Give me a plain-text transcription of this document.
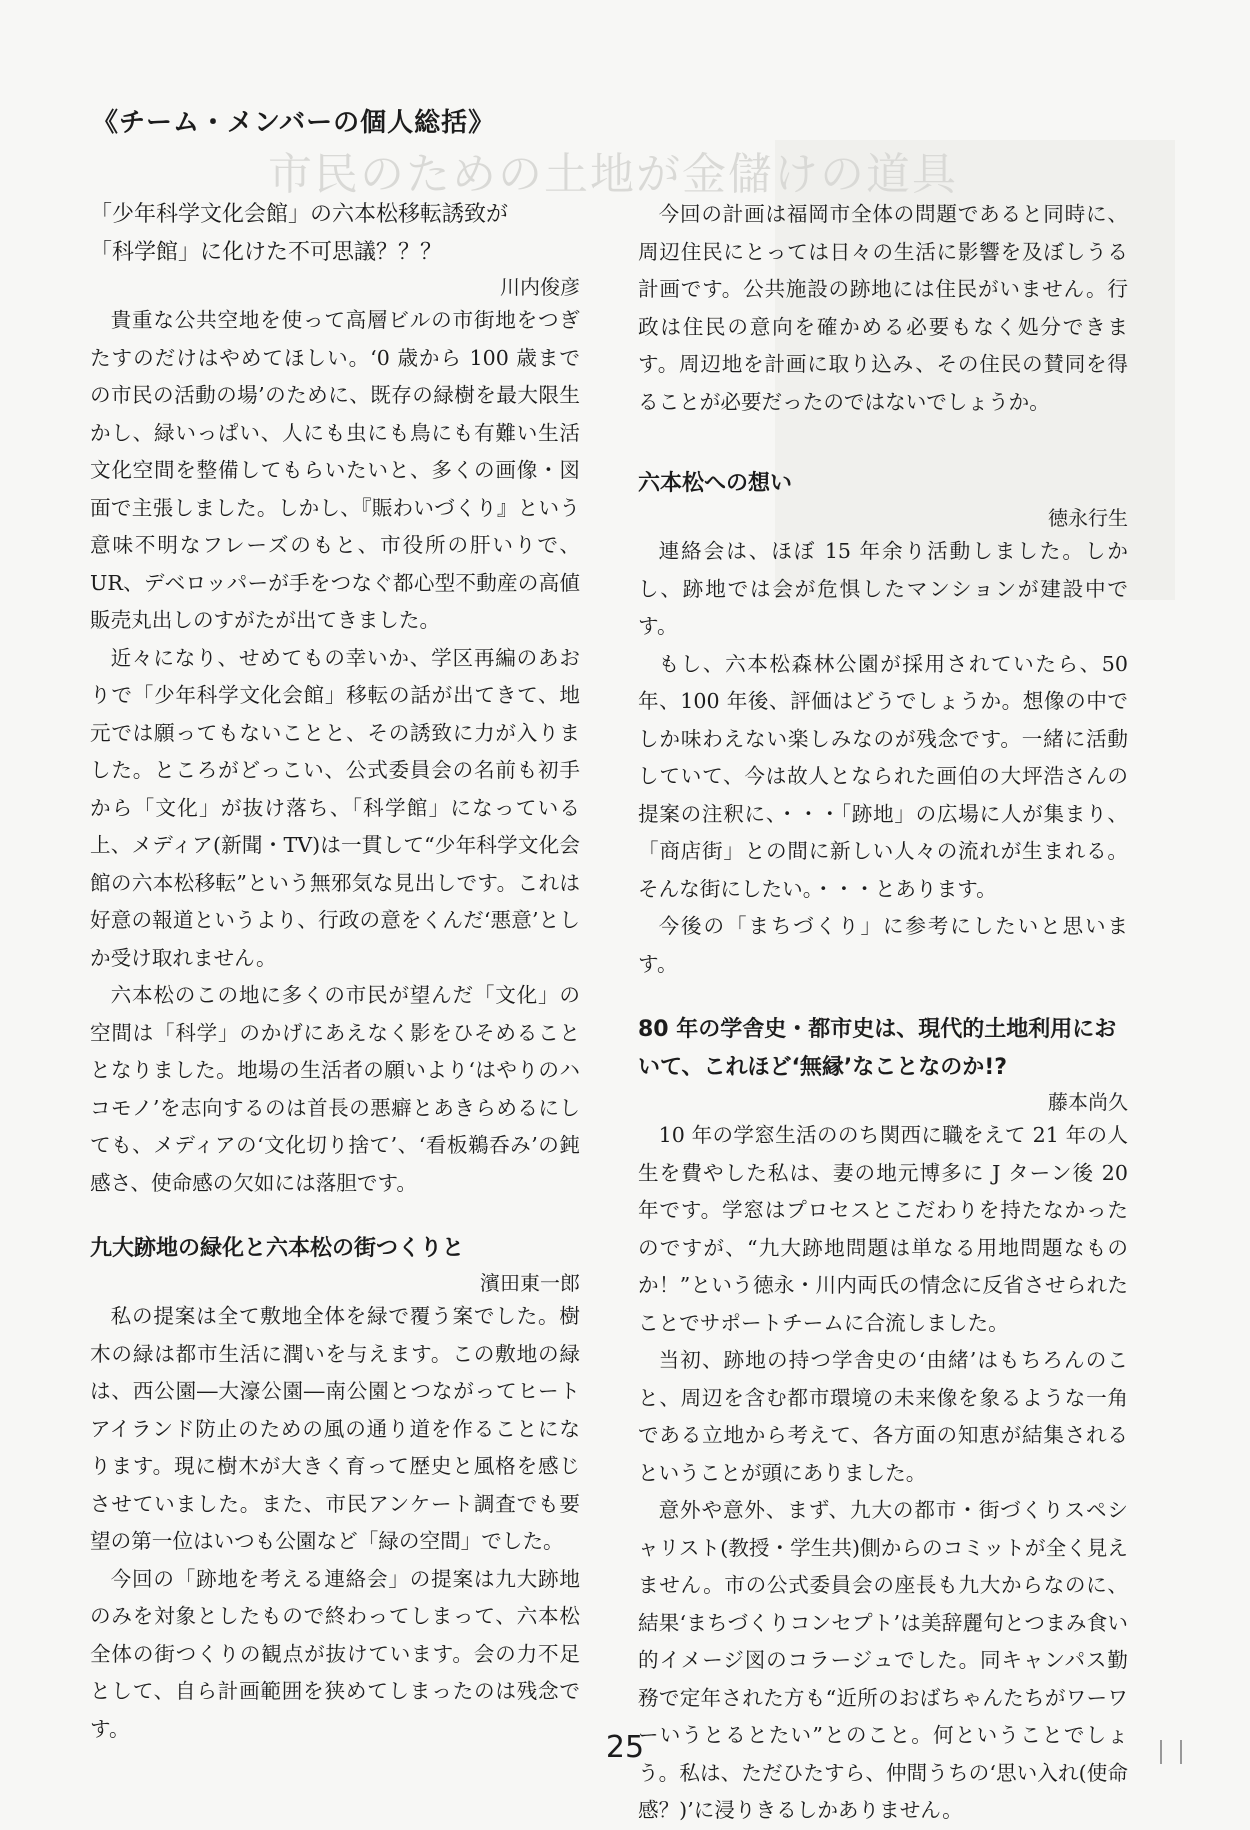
市民のための土地が金儲けの道具
《チーム・メンバーの個人総括》

「少年科学文化会館」の六本松移転誘致が

「科学館」に化けた不可思議？？？

川内俊彦

貴重な公共空地を使って高層ビルの市街地をつぎたすのだけはやめてほしい。‘0 歳から 100 歳までの市民の活動の場’のために、既存の緑樹を最大限生かし、緑いっぱい、人にも虫にも鳥にも有難い生活文化空間を整備してもらいたいと、多くの画像・図面で主張しました。しかし、『賑わいづくり』という意味不明なフレーズのもと、市役所の肝いりで、UR、デベロッパーが手をつなぐ都心型不動産の高値販売丸出しのすがたが出てきました。

近々になり、せめてもの幸いか、学区再編のあおりで「少年科学文化会館」移転の話が出てきて、地元では願ってもないことと、その誘致に力が入りました。ところがどっこい、公式委員会の名前も初手から「文化」が抜け落ち、「科学館」になっている上、メディア(新聞・TV)は一貫して“少年科学文化会館の六本松移転”という無邪気な見出しです。これは好意の報道というより、行政の意をくんだ‘悪意’としか受け取れません。

六本松のこの地に多くの市民が望んだ「文化」の空間は「科学」のかげにあえなく影をひそめることとなりました。地場の生活者の願いより‘はやりのハコモノ’を志向するのは首長の悪癖とあきらめるにしても、メディアの‘文化切り捨て’、‘看板鵜呑み’の鈍感さ、使命感の欠如には落胆です。

九大跡地の緑化と六本松の街つくりと

濱田東一郎

私の提案は全て敷地全体を緑で覆う案でした。樹木の緑は都市生活に潤いを与えます。この敷地の緑は、西公園―大濠公園―南公園とつながってヒートアイランド防止のための風の通り道を作ることになります。現に樹木が大きく育って歴史と風格を感じさせていました。また、市民アンケート調査でも要望の第一位はいつも公園など「緑の空間」でした。

今回の「跡地を考える連絡会」の提案は九大跡地のみを対象としたもので終わってしまって、六本松全体の街つくりの観点が抜けています。会の力不足として、自ら計画範囲を狭めてしまったのは残念です。

今回の計画は福岡市全体の問題であると同時に、周辺住民にとっては日々の生活に影響を及ぼしうる計画です。公共施設の跡地には住民がいません。行政は住民の意向を確かめる必要もなく処分できます。周辺地を計画に取り込み、その住民の賛同を得ることが必要だったのではないでしょうか。

六本松への想い

徳永行生

連絡会は、ほぼ 15 年余り活動しました。しかし、跡地では会が危惧したマンションが建設中です。

もし、六本松森林公園が採用されていたら、50 年、100 年後、評価はどうでしょうか。想像の中でしか味わえない楽しみなのが残念です。一緒に活動していて、今は故人となられた画伯の大坪浩さんの提案の注釈に、・・・「跡地」の広場に人が集まり、「商店街」との間に新しい人々の流れが生まれる。そんな街にしたい。・・・とあります。

今後の「まちづくり」に参考にしたいと思います。

80 年の学舎史・都市史は、現代的土地利用において、これほど‘無縁’なことなのか!?

藤本尚久

10 年の学窓生活ののち関西に職をえて 21 年の人生を費やした私は、妻の地元博多に J ターン後 20 年です。学窓はプロセスとこだわりを持たなかったのですが、“九大跡地問題は単なる用地問題なものか！”という徳永・川内両氏の情念に反省させられたことでサポートチームに合流しました。

当初、跡地の持つ学舎史の‘由緒’はもちろんのこと、周辺を含む都市環境の未来像を象るような一角である立地から考えて、各方面の知恵が結集されるということが頭にありました。

意外や意外、まず、九大の都市・街づくりスペシャリスト(教授・学生共)側からのコミットが全く見えません。市の公式委員会の座長も九大からなのに、結果‘まちづくりコンセプト’は美辞麗句とつまみ食い的イメージ図のコラージュでした。同キャンパス勤務で定年された方も“近所のおばちゃんたちがワーワーいうとるとたい”とのこと。何ということでしょう。私は、ただひたすら、仲間うちの‘思い入れ(使命感？)’に浸りきるしかありません。

25
